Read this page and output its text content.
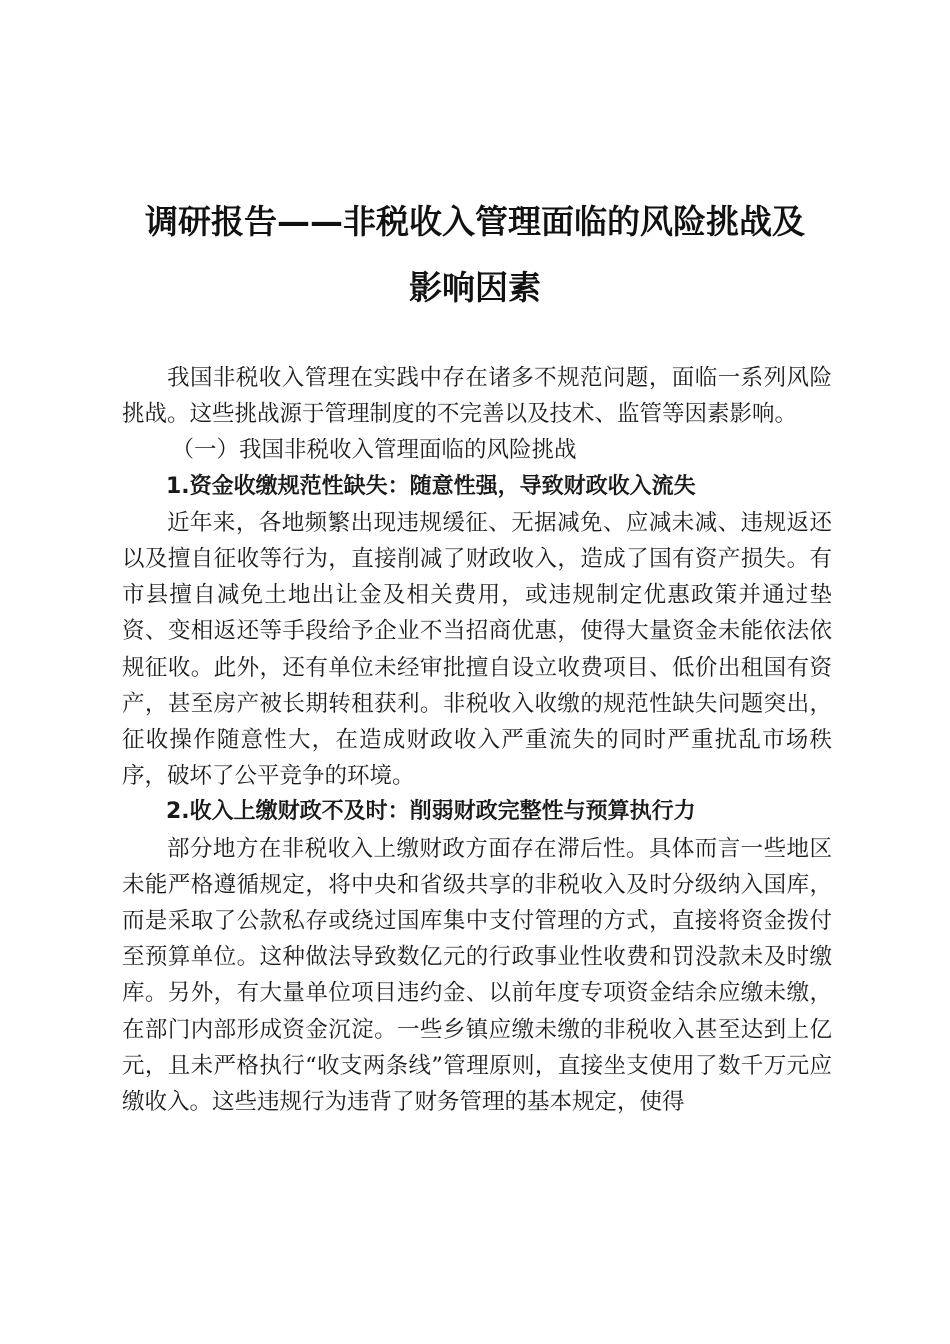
调研报告——非税收入管理面临的风险挑战及
影响因素

我国非税收入管理在实践中存在诸多不规范问题，面临一系列风险挑战。这些挑战源于管理制度的不完善以及技术、监管等因素影响。

（一）我国非税收入管理面临的风险挑战

1.资金收缴规范性缺失：随意性强，导致财政收入流失

近年来，各地频繁出现违规缓征、无据减免、应减未减、违规返还以及擅自征收等行为，直接削减了财政收入，造成了国有资产损失。有市县擅自减免土地出让金及相关费用，或违规制定优惠政策并通过垫资、变相返还等手段给予企业不当招商优惠，使得大量资金未能依法依规征收。此外，还有单位未经审批擅自设立收费项目、低价出租国有资产，甚至房产被长期转租获利。非税收入收缴的规范性缺失问题突出，征收操作随意性大，在造成财政收入严重流失的同时严重扰乱市场秩序，破坏了公平竞争的环境。

2.收入上缴财政不及时：削弱财政完整性与预算执行力

部分地方在非税收入上缴财政方面存在滞后性。具体而言一些地区未能严格遵循规定，将中央和省级共享的非税收入及时分级纳入国库，而是采取了公款私存或绕过国库集中支付管理的方式，直接将资金拨付至预算单位。这种做法导致数亿元的行政事业性收费和罚没款未及时缴库。另外，有大量单位项目违约金、以前年度专项资金结余应缴未缴，在部门内部形成资金沉淀。一些乡镇应缴未缴的非税收入甚至达到上亿元，且未严格执行“收支两条线”管理原则，直接坐支使用了数千万元应缴收入。这些违规行为违背了财务管理的基本规定，使得
